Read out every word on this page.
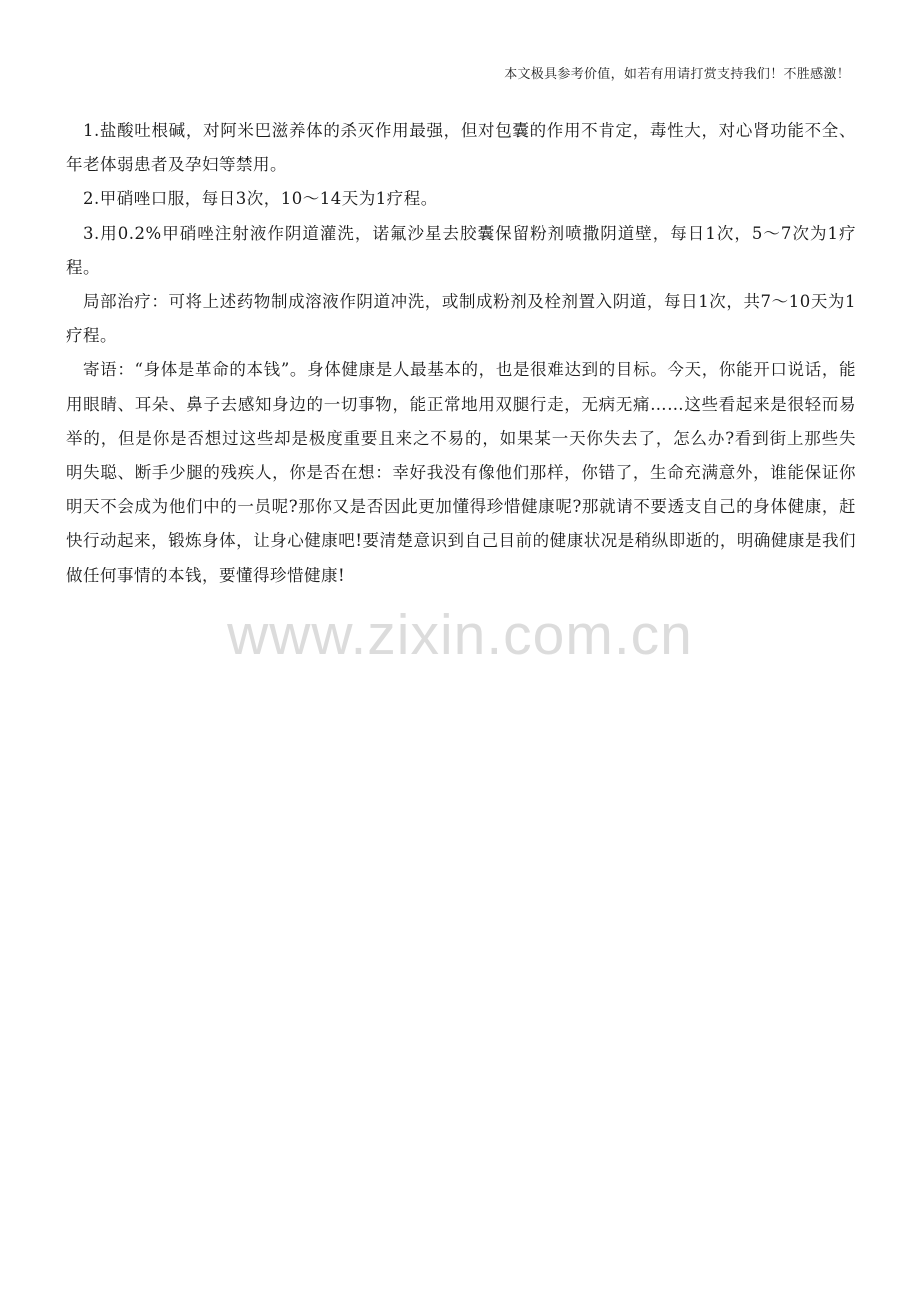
本文极具参考价值，如若有用请打赏支持我们！不胜感激！

1.盐酸吐根碱，对阿米巴滋养体的杀灭作用最强，但对包囊的作用不肯定，毒性大，对心肾功能不全、年老体弱患者及孕妇等禁用。

2.甲硝唑口服，每日3次，10～14天为1疗程。

3.用0.2%甲硝唑注射液作阴道灌洗，诺氟沙星去胶囊保留粉剂喷撒阴道壁，每日1次，5～7次为1疗程。

局部治疗：可将上述药物制成溶液作阴道冲洗，或制成粉剂及栓剂置入阴道，每日1次，共7～10天为1疗程。

寄语：“身体是革命的本钱”。身体健康是人最基本的，也是很难达到的目标。今天，你能开口说话，能用眼睛、耳朵、鼻子去感知身边的一切事物，能正常地用双腿行走，无病无痛……这些看起来是很轻而易举的，但是你是否想过这些却是极度重要且来之不易的，如果某一天你失去了，怎么办?看到街上那些失明失聪、断手少腿的残疾人，你是否在想：幸好我没有像他们那样，你错了，生命充满意外，谁能保证你明天不会成为他们中的一员呢?那你又是否因此更加懂得珍惜健康呢?那就请不要透支自己的身体健康，赶快行动起来，锻炼身体，让身心健康吧!要清楚意识到自己目前的健康状况是稍纵即逝的，明确健康是我们做任何事情的本钱，要懂得珍惜健康!

www.zixin.com.cn
